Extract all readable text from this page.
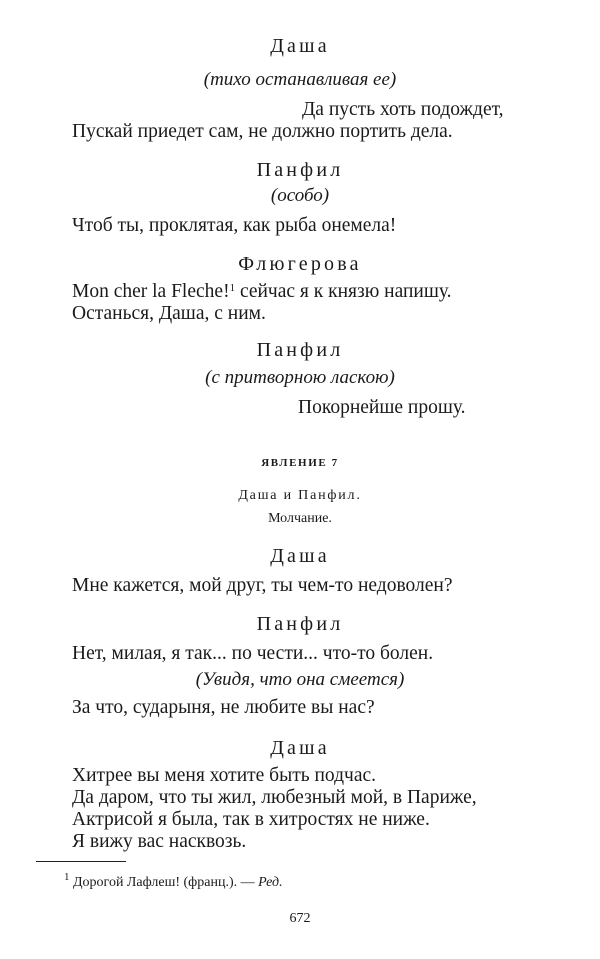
Даша
(тихо останавливая ее)
Да пусть хоть подождет,
Пускай приедет сам, не должно портить дела.
Панфил
(особо)
Чтоб ты, проклятая, как рыба онемела!
Флюгерова
Mon cher la Fleche!$^1$ сейчас я к князю напишу.
Останься, Даша, с ним.
Панфил
(с притворною ласкою)
Покорнейше прошу.
ЯВЛЕНИЕ 7
Даша и Панфил.
Молчание.
Даша
Мне кажется, мой друг, ты чем-то недоволен?
Панфил
Нет, милая, я так... по чести... что-то болен.
(Увидя, что она смеется)
За что, сударыня, не любите вы нас?
Даша
Хитрее вы меня хотите быть подчас.
Да даром, что ты жил, любезный мой, в Париже,
Актрисой я была, так в хитростях не ниже.
Я вижу вас насквозь.
$^1$ Дорогой Лафлеш! (франц.). — Ред.
672
